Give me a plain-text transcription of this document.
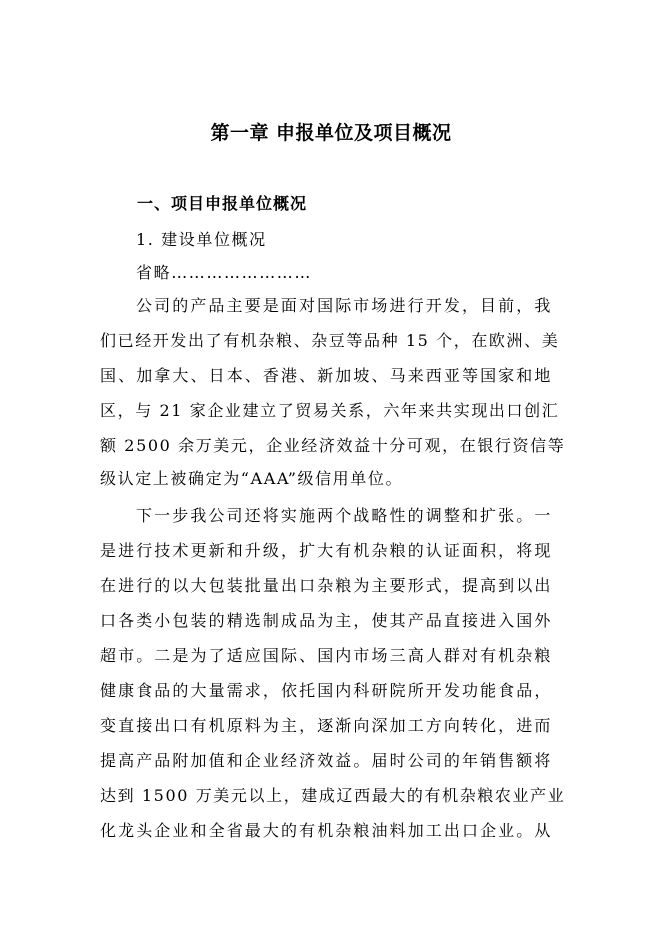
第一章 申报单位及项目概况
一、项目申报单位概况
1. 建设单位概况
省略……………………
公司的产品主要是面对国际市场进行开发，目前，我
们已经开发出了有机杂粮、杂豆等品种 15 个，在欧洲、美
国、加拿大、日本、香港、新加坡、马来西亚等国家和地
区，与 21 家企业建立了贸易关系，六年来共实现出口创汇
额 2500 余万美元，企业经济效益十分可观，在银行资信等
级认定上被确定为“AAA”级信用单位。
下一步我公司还将实施两个战略性的调整和扩张。一
是进行技术更新和升级，扩大有机杂粮的认证面积，将现
在进行的以大包装批量出口杂粮为主要形式，提高到以出
口各类小包装的精选制成品为主，使其产品直接进入国外
超市。二是为了适应国际、国内市场三高人群对有机杂粮
健康食品的大量需求，依托国内科研院所开发功能食品，
变直接出口有机原料为主，逐渐向深加工方向转化，进而
提高产品附加值和企业经济效益。届时公司的年销售额将
达到 1500 万美元以上，建成辽西最大的有机杂粮农业产业
化龙头企业和全省最大的有机杂粮油料加工出口企业。从
